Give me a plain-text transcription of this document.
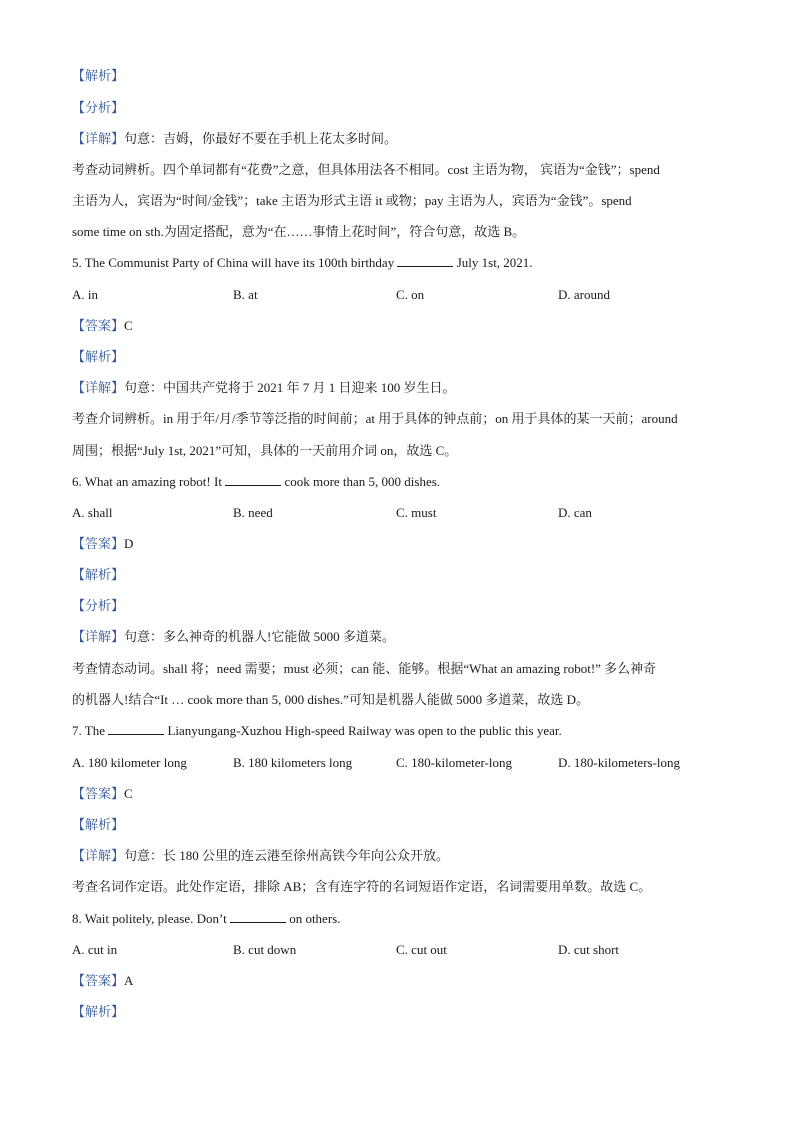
【解析】
【分析】
【详解】句意：吉姆，你最好不要在手机上花太多时间。
考查动词辨析。四个单词都有“花费”之意，但具体用法各不相同。cost 主语为物， 宾语为“金钱”；spend
主语为人，宾语为“时间/金钱”；take 主语为形式主语 it 或物；pay 主语为人，宾语为“金钱”。spend
some time on sth.为固定搭配，意为“在……事情上花时间”，符合句意，故选 B。
5. The Communist Party of China will have its 100th birthday	July 1st, 2021.
A. in	B. at	C. on	D. around
【答案】C
【解析】
【详解】句意：中国共产党将于 2021 年 7 月 1 日迎来 100 岁生日。
考查介词辨析。in 用于年/月/季节等泛指的时间前；at 用于具体的钟点前；on 用于具体的某一天前；around
周围；根据“July 1st, 2021”可知，具体的一天前用介词 on，故选 C。
6. What an amazing robot! It	cook more than 5, 000 dishes.
A. shall	B. need	C. must	D. can
【答案】D
【解析】
【分析】
【详解】句意：多么神奇的机器人!它能做 5000 多道菜。
考查情态动词。shall 将；need 需要；must 必须；can 能、能够。根据“What an amazing robot!” 多么神奇
的机器人!结合“It … cook more than 5, 000 dishes.”可知是机器人能做 5000 多道菜，故选 D。
7. The	Lianyungang-Xuzhou High-speed Railway was open to the public this year.
A. 180 kilometer long	B. 180 kilometers long	C. 180-kilometer-long	D. 180-kilometers-long
【答案】C
【解析】
【详解】句意：长 180 公里的连云港至徐州高铁今年向公众开放。
考查名词作定语。此处作定语，排除 AB；含有连字符的名词短语作定语，名词需要用单数。故选 C。
8. Wait politely, please. Don’t	on others.
A. cut in	B. cut down	C. cut out	D. cut short
【答案】A
【解析】
